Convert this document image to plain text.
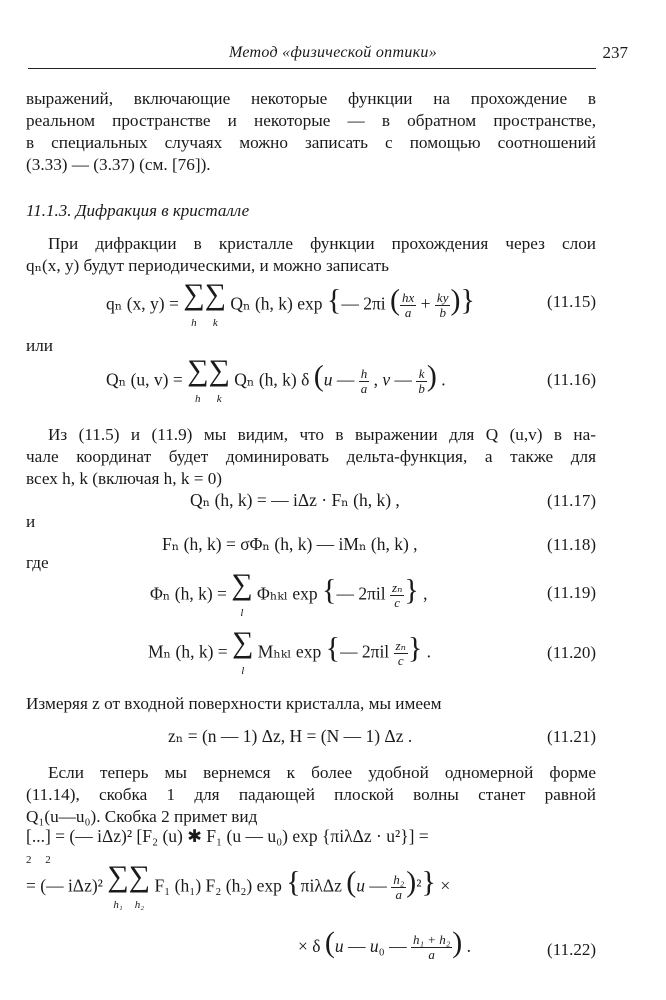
Метод «физической оптики»	237
выражений, включающие некоторые функции на прохождение в
реальном пространстве и некоторые — в обратном пространстве,
в специальных случаях можно записать с помощью соотношений
(3.33) — (3.37) (см. [76]).
11.1.3. Дифракция в кристалле
При дифракции в кристалле функции прохождения через слои
qₙ(x, y) будут периодическими, и можно записать
qₙ (x, y) = ∑
h∑
k Qₙ (h, k) exp {— 2πi ( $\frac{hx}{a} + \frac{ky}{b}$ )}	(11.15)
или
Qₙ (u, v) = ∑
h∑
k Qₙ (h, k) δ (u — $\frac{h}{a}$ , v — $\frac{k}{b}$ ) .	(11.16)
Из (11.5) и (11.9) мы видим, что в выражении для Q (u,v) в на-
чале координат будет доминировать дельта-функция, а также для
всех h, k (включая h, k = 0)
Qₙ (h, k) = — iΔz · Fₙ (h, k) ,	(11.17)
и
Fₙ (h, k) = σΦₙ (h, k) — iMₙ (h, k) ,	(11.18)
где
Φₙ (h, k) = ∑
l Φₕₖₗ exp {— $2\pi il \frac{\text{zₙ}}{c}$ } ,	(11.19)
Mₙ (h, k) = ∑
l Mₕₖₗ exp {— $2\pi il \frac{\text{zₙ}}{c}$ } .	(11.20)
Измеряя z от входной поверхности кристалла, мы имеем
zₙ = (n — 1) Δz, H = (N — 1) Δz .	(11.21)
Если теперь мы вернемся к более удобной одномерной форме
(11.14), скобка 1 для падающей плоской волны станет равной
Q₁(u—u₀). Скобка 2 примет вид
[...]
2     2 = (— iΔz)² [F₂ (u) ✱ F₁ (u — u₀) exp {πiλΔz · u²}] =
= (— iΔz)² ∑
h₁∑
h₂ F₁ (h₁) F₂ (h₂) exp {πiλΔz (u — $\frac{\text{h₂}}{a} )^2$} ×
× δ (u — u₀ — $\frac{\text{h₁ + h₂}}{a}$ ) .	(11.22)
